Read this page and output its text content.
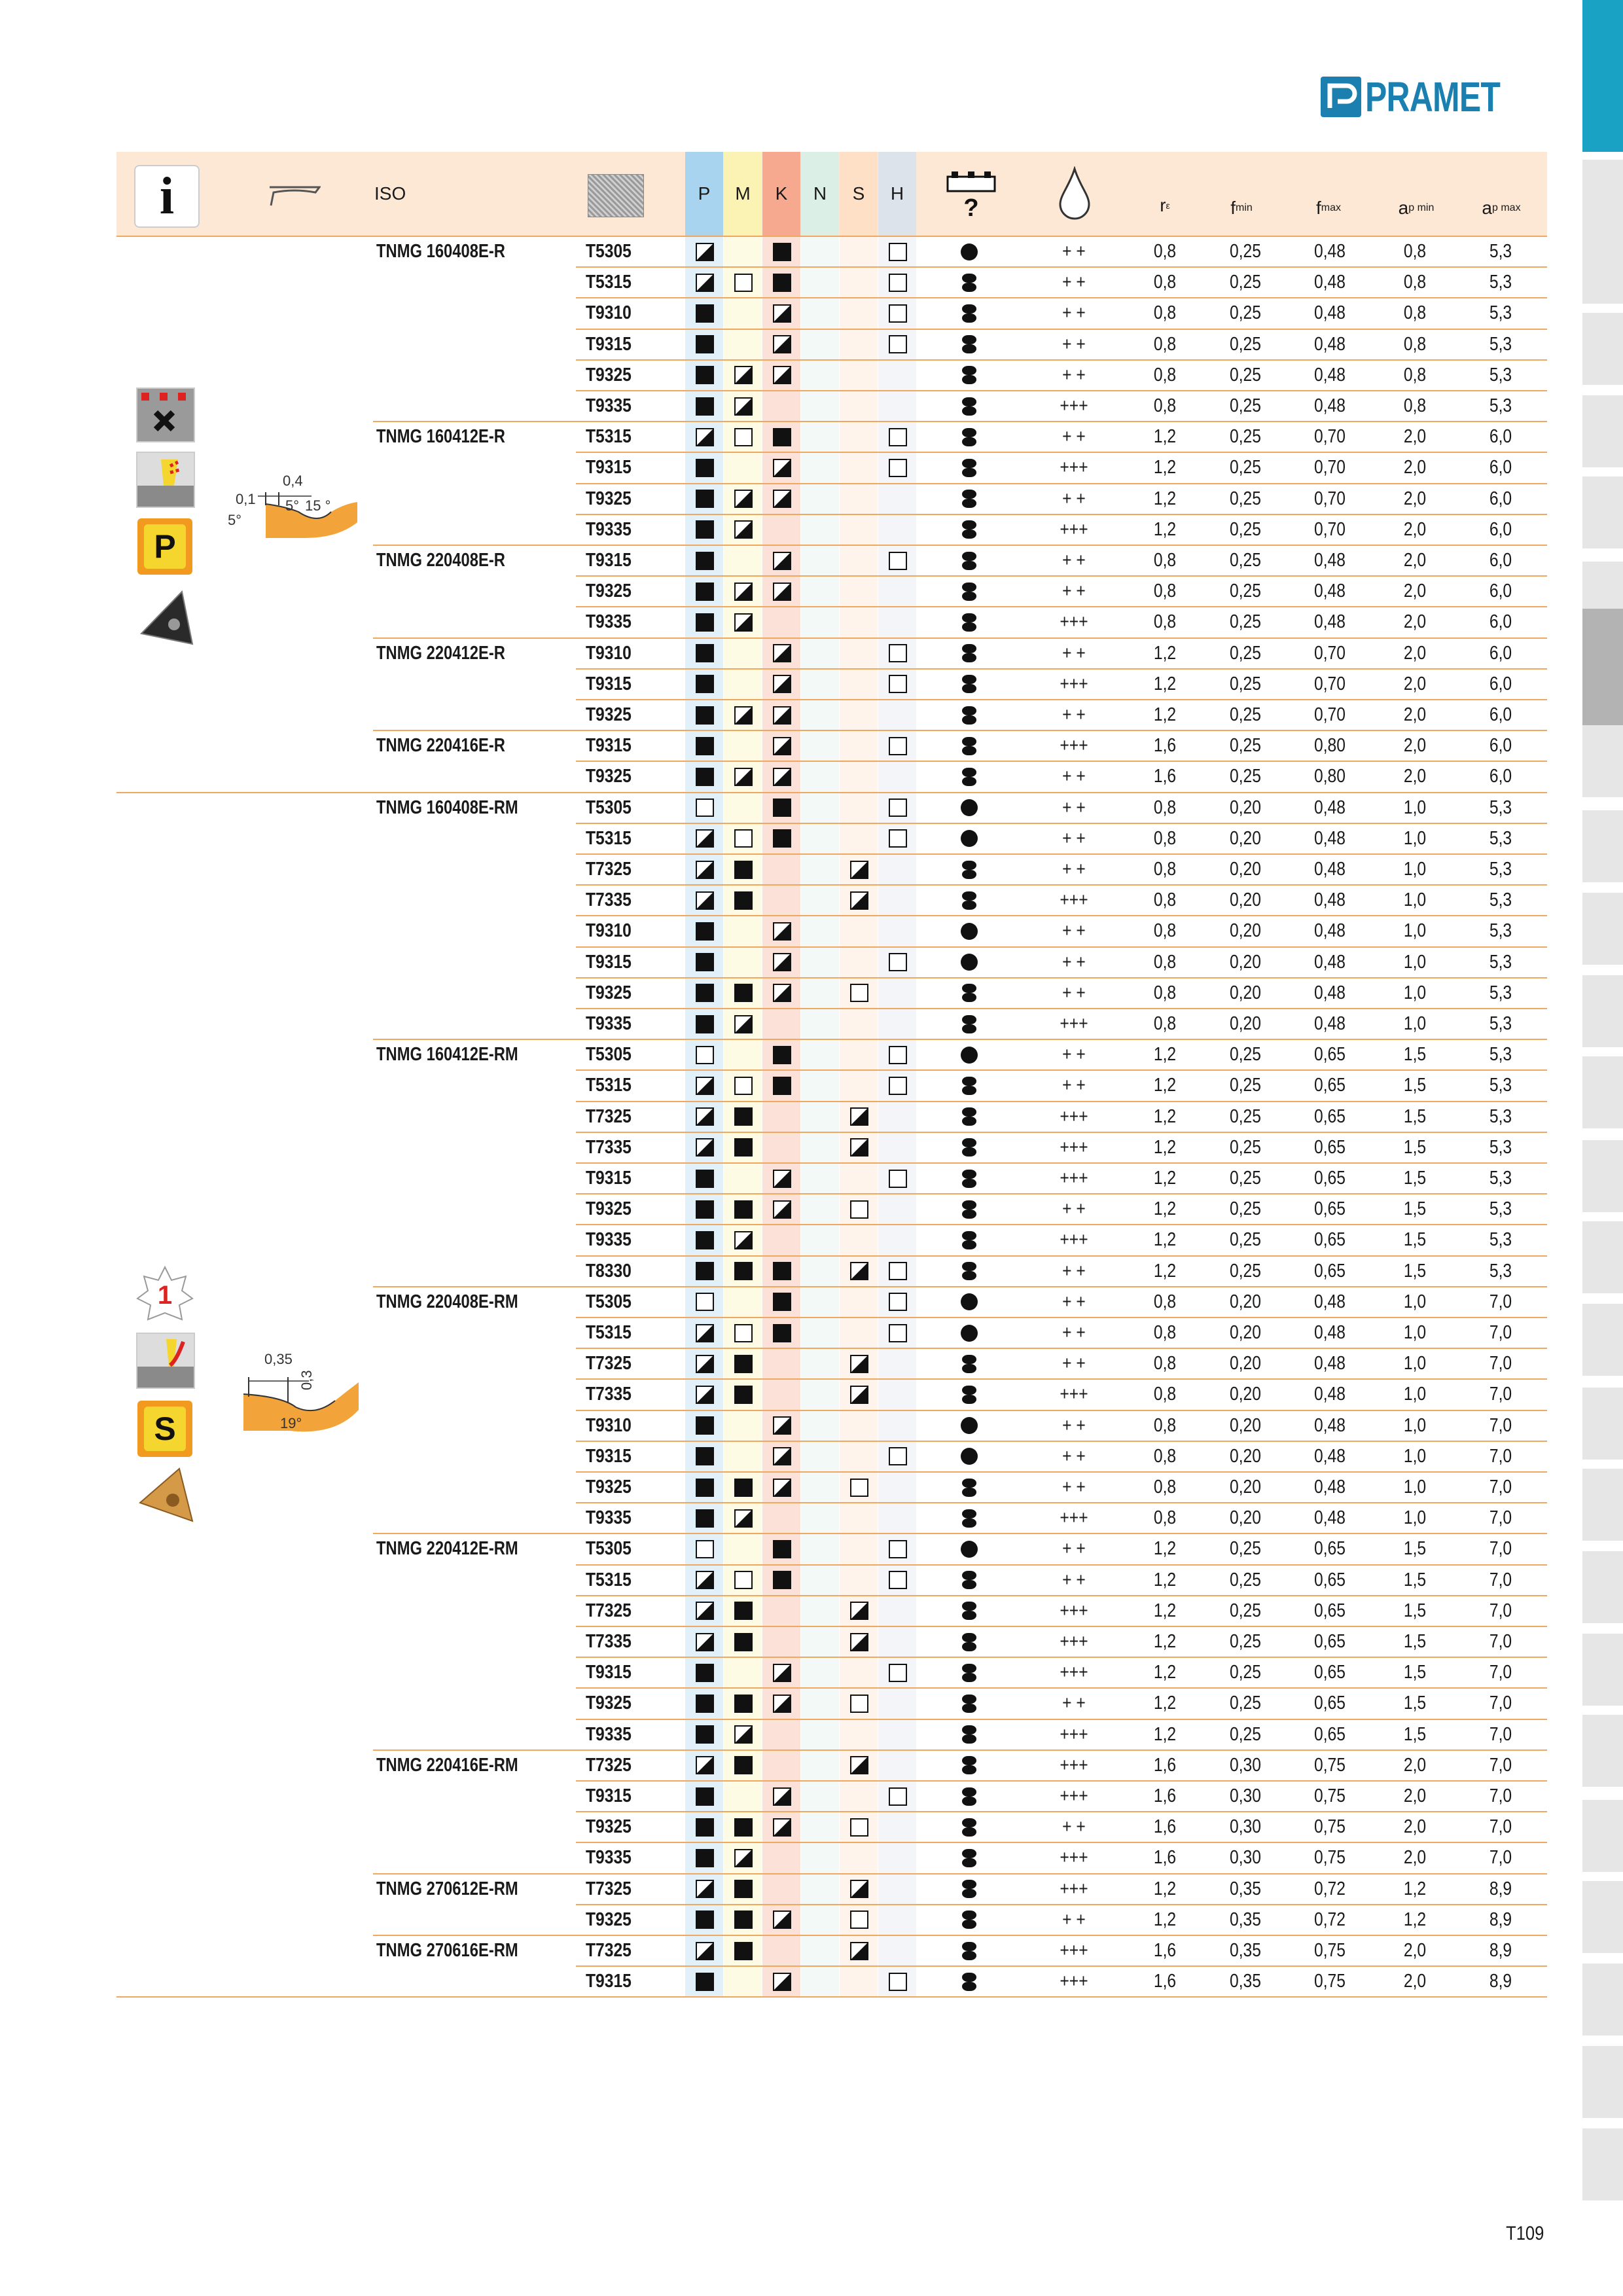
PRAMET
i	ISO	P	M	K	N	S	H
?	r ε	f min	f max	a p min	a p max
P
0,4
0,1 5° 15 °
5°
1
S
0,35
0,3
19°
TNMG 160408E-R	T5305	+ +	0,8	0,25	0,48	0,8	5,3
T5315	+ +	0,8	0,25	0,48	0,8	5,3
T9310	+ +	0,8	0,25	0,48	0,8	5,3
T9315	+ +	0,8	0,25	0,48	0,8	5,3
T9325	+ +	0,8	0,25	0,48	0,8	5,3
T9335	+++	0,8	0,25	0,48	0,8	5,3
TNMG 160412E-R	T5315	+ +	1,2	0,25	0,70	2,0	6,0
T9315	+++	1,2	0,25	0,70	2,0	6,0
T9325	+ +	1,2	0,25	0,70	2,0	6,0
T9335	+++	1,2	0,25	0,70	2,0	6,0
TNMG 220408E-R	T9315	+ +	0,8	0,25	0,48	2,0	6,0
T9325	+ +	0,8	0,25	0,48	2,0	6,0
T9335	+++	0,8	0,25	0,48	2,0	6,0
TNMG 220412E-R	T9310	+ +	1,2	0,25	0,70	2,0	6,0
T9315	+++	1,2	0,25	0,70	2,0	6,0
T9325	+ +	1,2	0,25	0,70	2,0	6,0
TNMG 220416E-R	T9315	+++	1,6	0,25	0,80	2,0	6,0
T9325	+ +	1,6	0,25	0,80	2,0	6,0
TNMG 160408E-RM	T5305	+ +	0,8	0,20	0,48	1,0	5,3
T5315	+ +	0,8	0,20	0,48	1,0	5,3
T7325	+ +	0,8	0,20	0,48	1,0	5,3
T7335	+++	0,8	0,20	0,48	1,0	5,3
T9310	+ +	0,8	0,20	0,48	1,0	5,3
T9315	+ +	0,8	0,20	0,48	1,0	5,3
T9325	+ +	0,8	0,20	0,48	1,0	5,3
T9335	+++	0,8	0,20	0,48	1,0	5,3
TNMG 160412E-RM	T5305	+ +	1,2	0,25	0,65	1,5	5,3
T5315	+ +	1,2	0,25	0,65	1,5	5,3
T7325	+++	1,2	0,25	0,65	1,5	5,3
T7335	+++	1,2	0,25	0,65	1,5	5,3
T9315	+++	1,2	0,25	0,65	1,5	5,3
T9325	+ +	1,2	0,25	0,65	1,5	5,3
T9335	+++	1,2	0,25	0,65	1,5	5,3
T8330	+ +	1,2	0,25	0,65	1,5	5,3
TNMG 220408E-RM	T5305	+ +	0,8	0,20	0,48	1,0	7,0
T5315	+ +	0,8	0,20	0,48	1,0	7,0
T7325	+ +	0,8	0,20	0,48	1,0	7,0
T7335	+++	0,8	0,20	0,48	1,0	7,0
T9310	+ +	0,8	0,20	0,48	1,0	7,0
T9315	+ +	0,8	0,20	0,48	1,0	7,0
T9325	+ +	0,8	0,20	0,48	1,0	7,0
T9335	+++	0,8	0,20	0,48	1,0	7,0
TNMG 220412E-RM	T5305	+ +	1,2	0,25	0,65	1,5	7,0
T5315	+ +	1,2	0,25	0,65	1,5	7,0
T7325	+++	1,2	0,25	0,65	1,5	7,0
T7335	+++	1,2	0,25	0,65	1,5	7,0
T9315	+++	1,2	0,25	0,65	1,5	7,0
T9325	+ +	1,2	0,25	0,65	1,5	7,0
T9335	+++	1,2	0,25	0,65	1,5	7,0
TNMG 220416E-RM	T7325	+++	1,6	0,30	0,75	2,0	7,0
T9315	+++	1,6	0,30	0,75	2,0	7,0
T9325	+ +	1,6	0,30	0,75	2,0	7,0
T9335	+++	1,6	0,30	0,75	2,0	7,0
TNMG 270612E-RM	T7325	+++	1,2	0,35	0,72	1,2	8,9
T9325	+ +	1,2	0,35	0,72	1,2	8,9
TNMG 270616E-RM	T7325	+++	1,6	0,35	0,75	2,0	8,9
T9315	+++	1,6	0,35	0,75	2,0	8,9
T109
